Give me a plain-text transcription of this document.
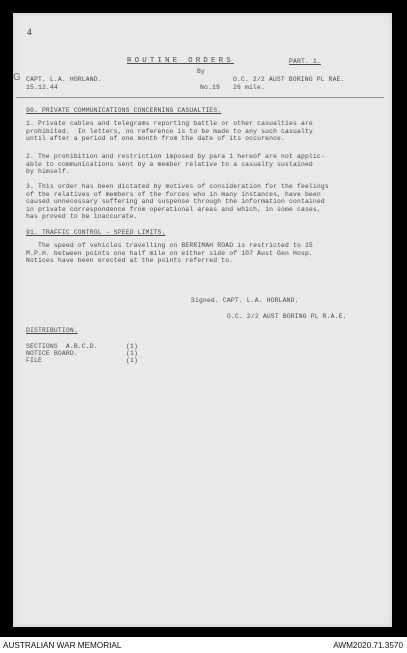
4
G
ROUTINE ORDERS	PART. 1.
By
CAPT. L.A. HORLAND.
15.12.44
O.C. 2/2 AUST BORING PL RAE.
No.19 26 mile.
90. PRIVATE COMMUNICATIONS CONCERNING CASUALTIES.
1. Private cables and telegrams reporting battle or other casualties are
prohibited.  In letters, no reference is to be made to any such casualty
until after a period of one month from the date of its occurence.
2. The prohibition and restriction imposed by para 1 hereof are not applic-
able to communications sent by a member relative to a casualty sustained
by himself.
3. This order has been dictated by motives of consideration for the feelings
of the relatives of members of the forces who in many instances, have been
caused unnecessary suffering and suspense through the information contained
in private correspondence from operational areas and which, in some cases,
has proved to be inaccurate.
91. TRAFFIC CONTROL - SPEED LIMITS.
The speed of vehicles travelling on BERRIMAH ROAD is restricted to 15
M.P.H. between points one half mile on either side of 107 Aust Gen Hosp.
Notices have been erected at the points referred to.
Signed. CAPT. L.A. HORLAND.
O.C. 2/2 AUST BORING PL R.A.E.
DISTRIBUTION.
SECTIONS  A.B.C.D.	(1)
NOTICE BOARD.	(1)
FILE	(1)
AUSTRALIAN WAR MEMORIAL	AWM2020.71.3570
